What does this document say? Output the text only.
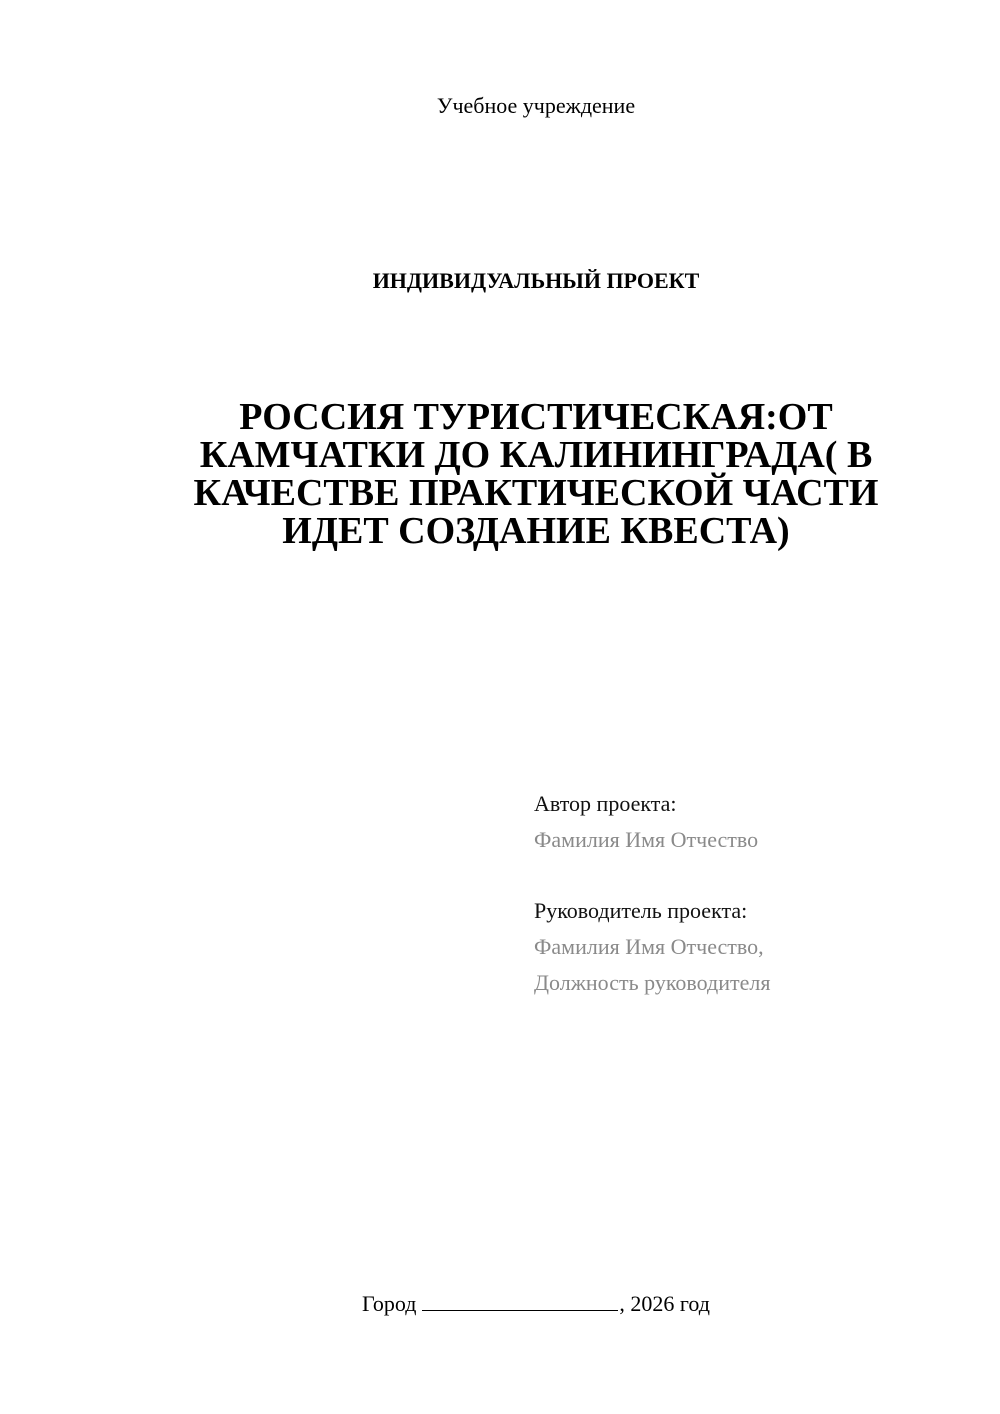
Учебное учреждение
ИНДИВИДУАЛЬНЫЙ ПРОЕКТ
РОССИЯ ТУРИСТИЧЕСКАЯ:ОТ
КАМЧАТКИ ДО КАЛИНИНГРАДА( В
КАЧЕСТВЕ ПРАКТИЧЕСКОЙ ЧАСТИ
ИДЕТ СОЗДАНИЕ КВЕСТА)
Автор проекта:
Фамилия Имя Отчество
Руководитель проекта:
Фамилия Имя Отчество,
Должность руководителя
Город	, 2026 год
